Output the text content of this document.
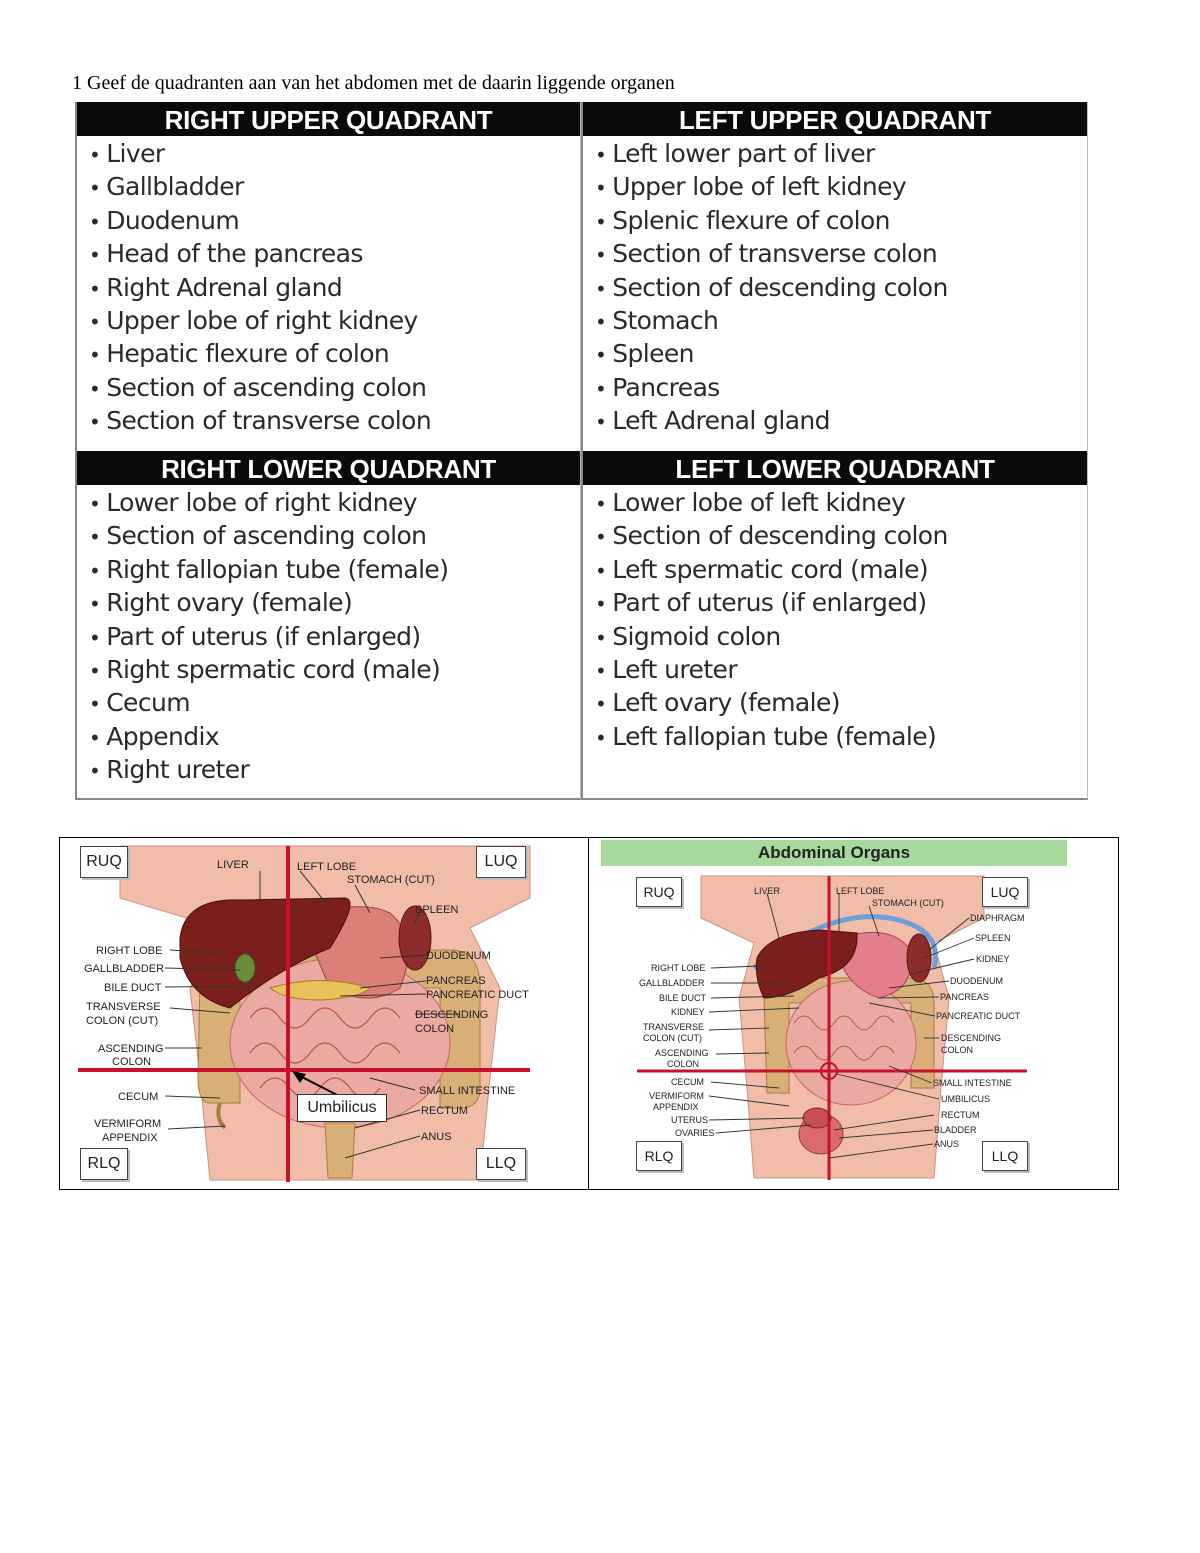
1 Geef de quadranten aan van het abdomen met de daarin liggende organen
RIGHT UPPER QUADRANT
• Liver
• Gallbladder
• Duodenum
• Head of the pancreas
• Right Adrenal gland
• Upper lobe of right kidney
• Hepatic flexure of colon
• Section of ascending colon
• Section of transverse colon
LEFT UPPER QUADRANT
• Left lower part of liver
• Upper lobe of left kidney
• Splenic flexure of colon
• Section of transverse colon
• Section of descending colon
• Stomach
• Spleen
• Pancreas
• Left Adrenal gland
RIGHT LOWER QUADRANT
• Lower lobe of right kidney
• Section of ascending colon
• Right fallopian tube (female)
• Right ovary (female)
• Part of uterus (if enlarged)
• Right spermatic cord (male)
• Cecum
• Appendix
• Right ureter
LEFT LOWER QUADRANT
• Lower lobe of left kidney
• Section of descending colon
• Left spermatic cord (male)
• Part of uterus (if enlarged)
• Sigmoid colon
• Left ureter
• Left ovary (female)
• Left fallopian tube (female)
LIVER	LEFT LOBE
STOMACH (CUT)
SPLEEN
RIGHT LOBE
GALLBLADDER
BILE DUCT
TRANSVERSE
COLON (CUT)
ASCENDING
COLON
CECUM
VERMIFORM
APPENDIX
DUODENUM
PANCREAS
PANCREATIC DUCT
DESCENDING
COLON
SMALL INTESTINE
RECTUM
ANUS
RUQ	LUQ
RLQ	LLQ
Umbilicus
Abdominal Organs
LIVER	LEFT LOBE
STOMACH (CUT)
DIAPHRAGM
SPLEEN
KIDNEY
DUODENUM
PANCREAS
PANCREATIC DUCT
DESCENDING
COLON
RIGHT LOBE
GALLBLADDER
BILE DUCT
KIDNEY
TRANSVERSE
COLON (CUT)
ASCENDING
COLON
CECUM
VERMIFORM
APPENDIX
UTERUS
OVARIES
SMALL INTESTINE
UMBILICUS
RECTUM
BLADDER
ANUS
RUQ	LUQ
RLQ	LLQ
